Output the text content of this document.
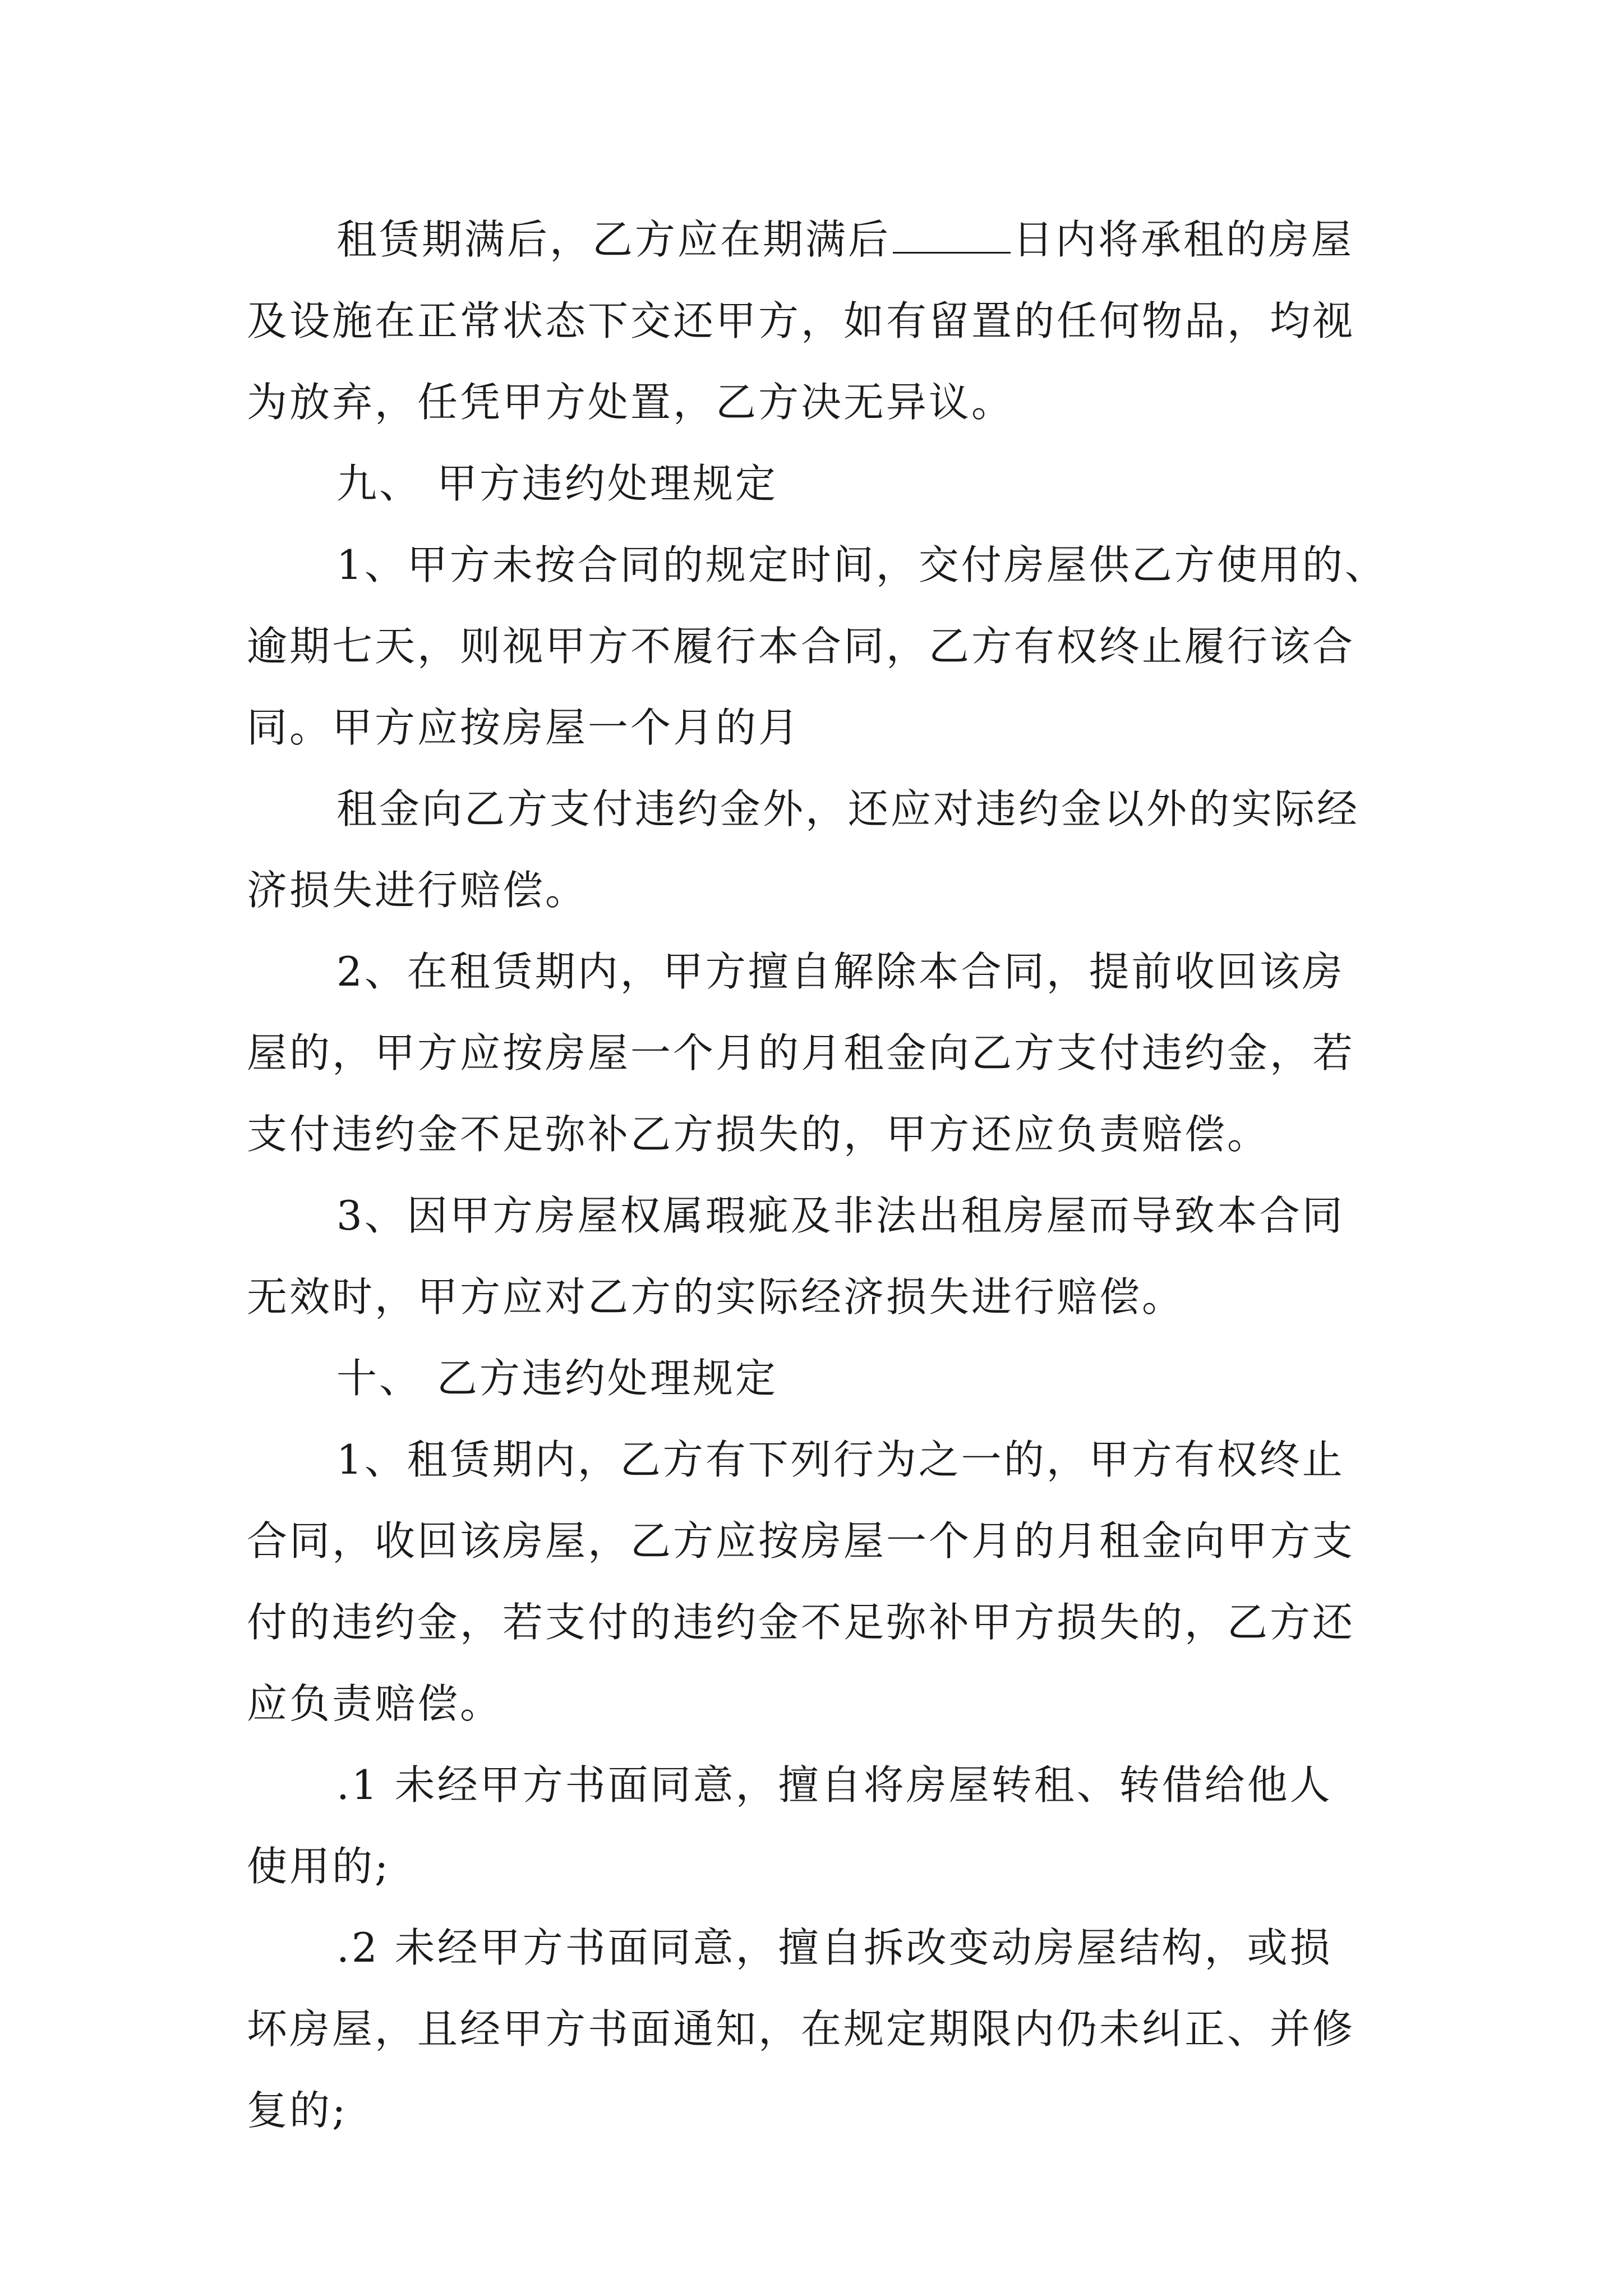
租赁期满后，乙方应在期满后	日内将承租的房屋
及设施在正常状态下交还甲方，如有留置的任何物品，均视
为放弃，任凭甲方处置，乙方决无异议。
九、 甲方违约处理规定
1、甲方未按合同的规定时间，交付房屋供乙方使用的、
逾期七天，则视甲方不履行本合同，乙方有权终止履行该合
同。甲方应按房屋一个月的月
租金向乙方支付违约金外，还应对违约金以外的实际经
济损失进行赔偿。
2、在租赁期内，甲方擅自解除本合同，提前收回该房
屋的，甲方应按房屋一个月的月租金向乙方支付违约金，若
支付违约金不足弥补乙方损失的，甲方还应负责赔偿。
3、因甲方房屋权属瑕疵及非法出租房屋而导致本合同
无效时，甲方应对乙方的实际经济损失进行赔偿。
十、 乙方违约处理规定
1、租赁期内，乙方有下列行为之一的，甲方有权终止
合同，收回该房屋，乙方应按房屋一个月的月租金向甲方支
付的违约金，若支付的违约金不足弥补甲方损失的，乙方还
应负责赔偿。
.1 未经甲方书面同意，擅自将房屋转租、转借给他人
使用的;
.2 未经甲方书面同意，擅自拆改变动房屋结构，或损
坏房屋，且经甲方书面通知，在规定期限内仍未纠正、并修
复的;
